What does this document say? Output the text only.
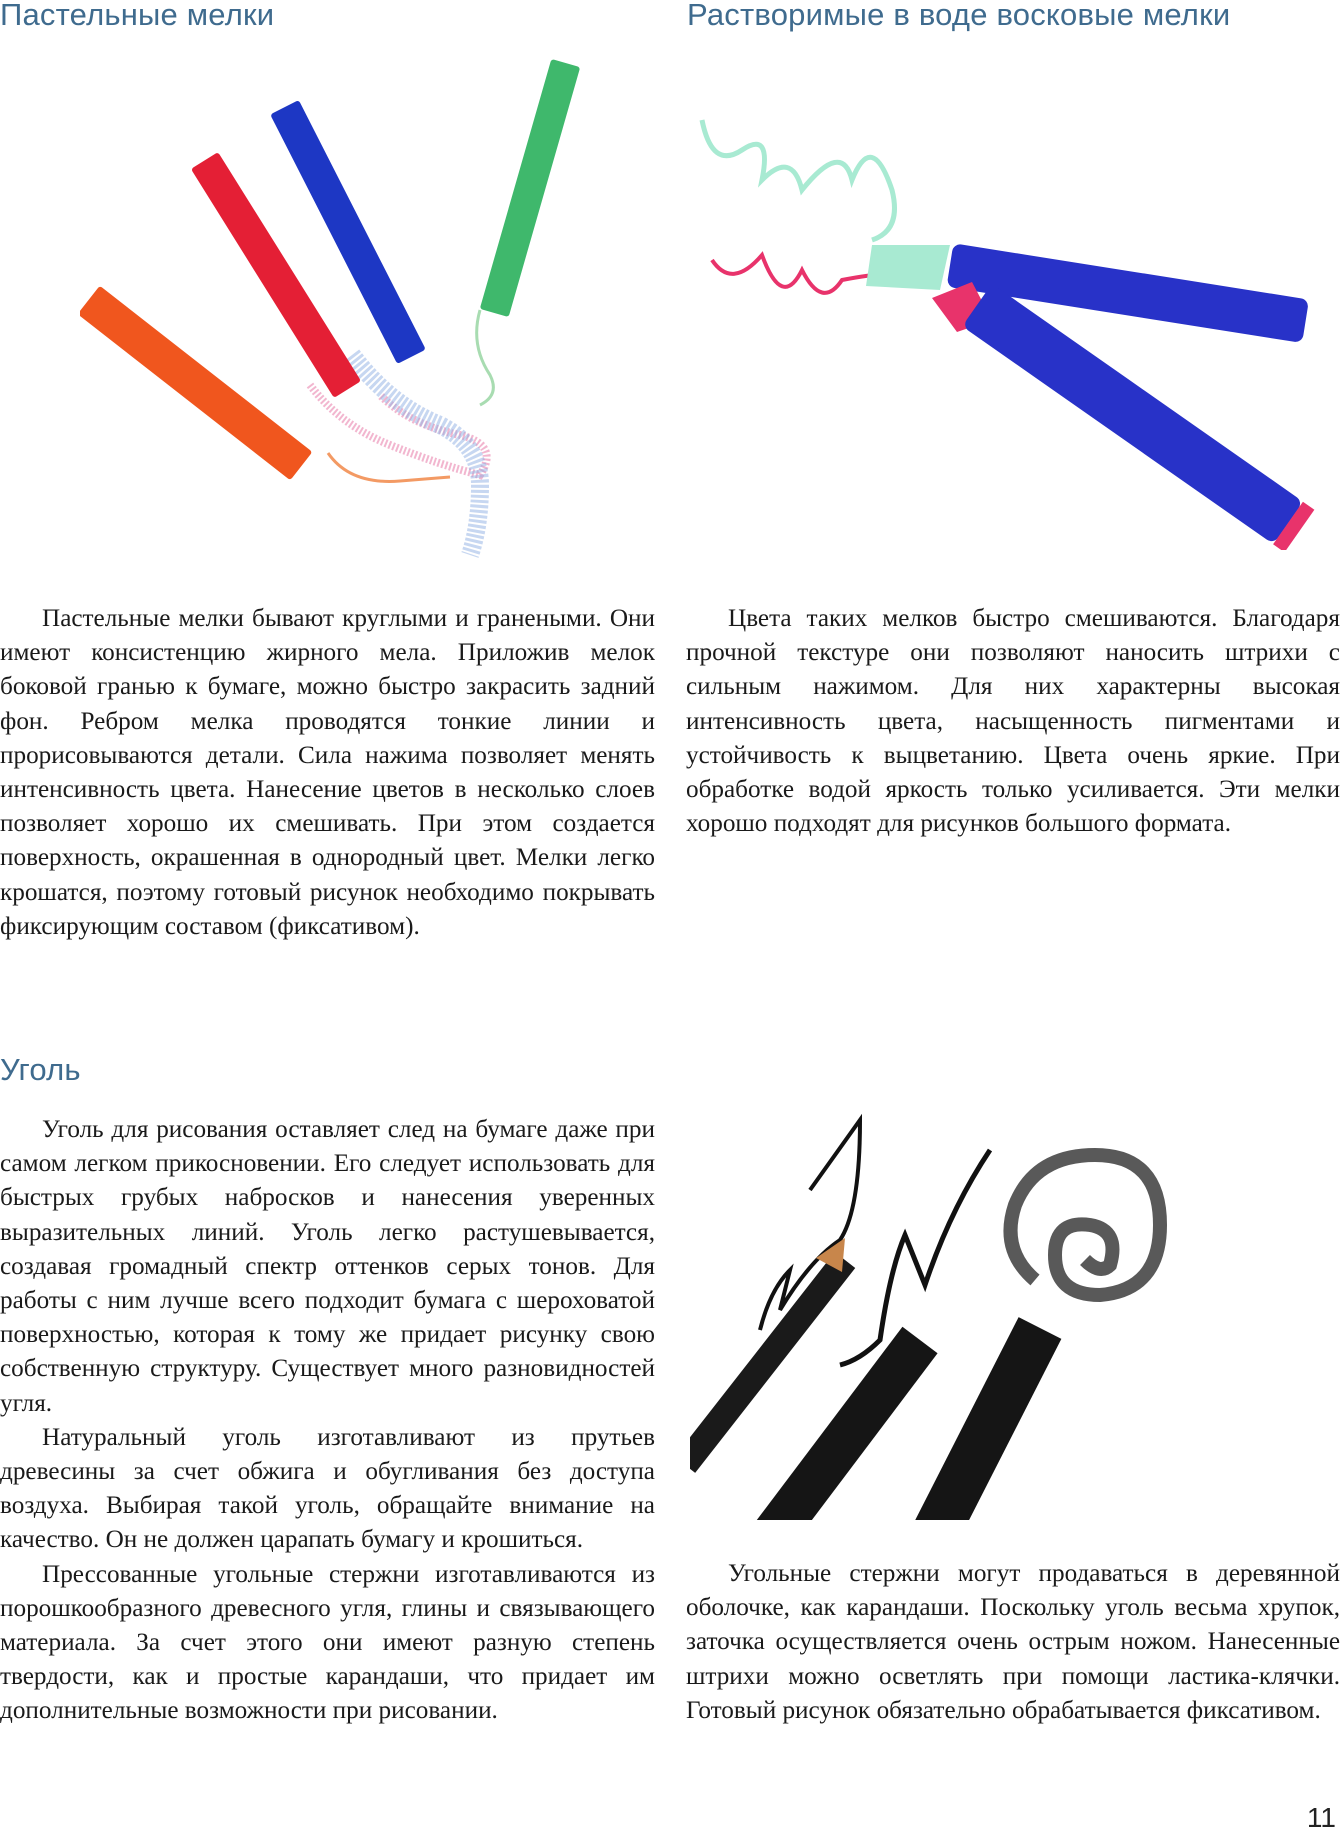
Пастельные мелки	Растворимые в воде восковые мелки
Уголь

Пастельные мелки бывают круглыми и гранеными. Они имеют консистенцию жирного мела. Приложив мелок боковой гранью к бумаге, можно быстро закрасить задний фон. Ребром мелка проводятся тонкие линии и прорисовываются детали. Сила нажима позволяет менять интенсивность цвета. Нанесение цветов в несколько слоев позволяет хорошо их смешивать. При этом создается поверхность, окрашенная в однородный цвет. Мелки легко крошатся, поэтому готовый рисунок необходимо покрывать фиксирующим составом (фиксативом).

Цвета таких мелков быстро смешиваются. Благодаря прочной текстуре они позволяют наносить штрихи с сильным нажимом. Для них характерны высокая интенсивность цвета, насыщенность пигментами и устойчивость к выцветанию. Цвета очень яркие. При обработке водой яркость только усиливается. Эти мелки хорошо подходят для рисунков большого формата.

Уголь для рисования оставляет след на бумаге даже при самом легком прикосновении. Его следует использовать для быстрых грубых набросков и нанесения уверенных выразительных линий. Уголь легко растушевывается, создавая громадный спектр оттенков серых тонов. Для работы с ним лучше всего подходит бумага с шероховатой поверхностью, которая к тому же придает рисунку свою собственную структуру. Существует много разновидностей угля.

Натуральный уголь изготавливают из прутьев древесины за счет обжига и обугливания без доступа воздуха. Выбирая такой уголь, обращайте внимание на качество. Он не должен царапать бумагу и крошиться.

Прессованные угольные стержни изготавливаются из порошкообразного древесного угля, глины и связывающего материала. За счет этого они имеют разную степень твердости, как и простые карандаши, что придает им дополнительные возможности при рисовании.

Угольные стержни могут продаваться в деревянной оболочке, как карандаши. Поскольку уголь весьма хрупок, заточка осуществляется очень острым ножом. Нанесенные штрихи можно осветлять при помощи ластика-клячки. Готовый рисунок обязательно обрабатывается фиксативом.

11
